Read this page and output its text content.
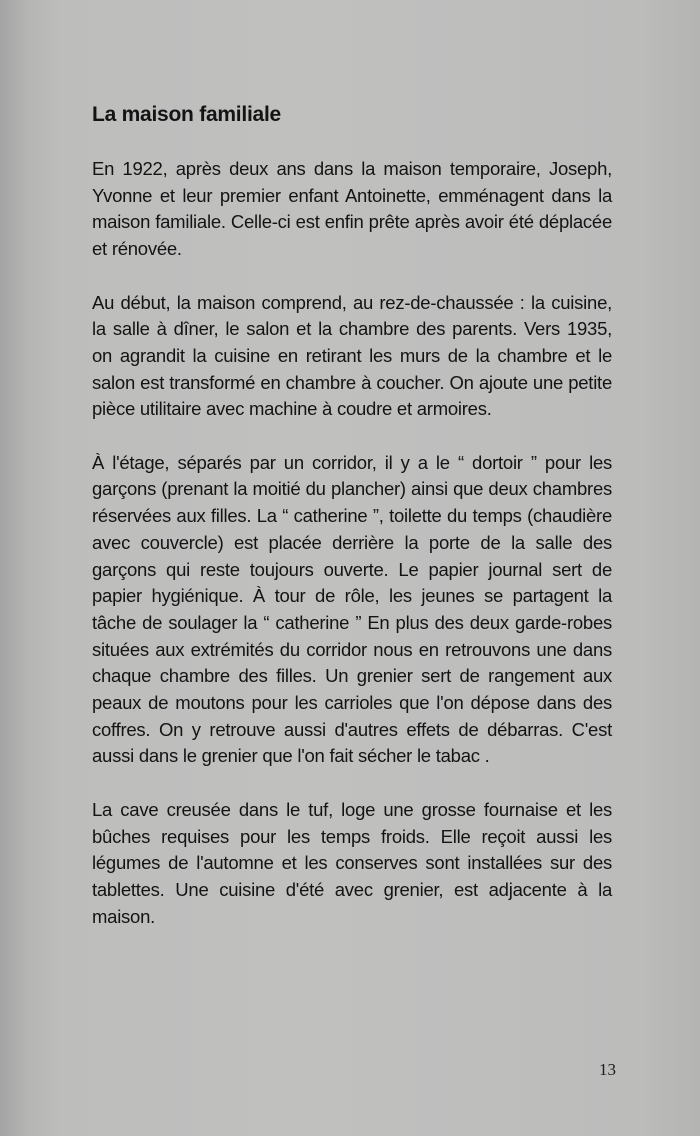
La maison familiale

En 1922, après deux ans dans la maison temporaire, Joseph, Yvonne et leur premier enfant Antoinette, emménagent dans la maison familiale. Celle-ci est enfin prête après avoir été déplacée et rénovée.

Au début, la maison comprend, au rez-de-chaussée : la cuisine, la salle à dîner, le salon et la chambre des parents. Vers 1935, on agrandit la cuisine en retirant les murs de la chambre et le salon est transformé en chambre à coucher. On ajoute une petite pièce utilitaire avec machine à coudre et armoires.

À l'étage, séparés par un corridor, il y a le “ dortoir ” pour les garçons (prenant la moitié du plancher) ainsi que deux chambres réservées aux filles. La “ catherine ”, toilette du temps (chaudière avec couvercle) est placée derrière la porte de la salle des garçons qui reste toujours ouverte. Le papier journal sert de papier hygiénique. À tour de rôle, les jeunes se partagent la tâche de soulager la “ catherine ” En plus des deux garde-robes situées aux extrémités du corridor nous en retrouvons une dans chaque chambre des filles. Un grenier sert de rangement aux peaux de moutons pour les carrioles que l'on dépose dans des coffres. On y retrouve aussi d'autres effets de débarras. C'est aussi dans le grenier que l'on fait sécher le tabac .

La cave creusée dans le tuf, loge une grosse fournaise et les bûches requises pour les temps froids. Elle reçoit aussi les légumes de l'automne et les conserves sont installées sur des tablettes. Une cuisine d'été avec grenier, est adjacente à la maison.

13
